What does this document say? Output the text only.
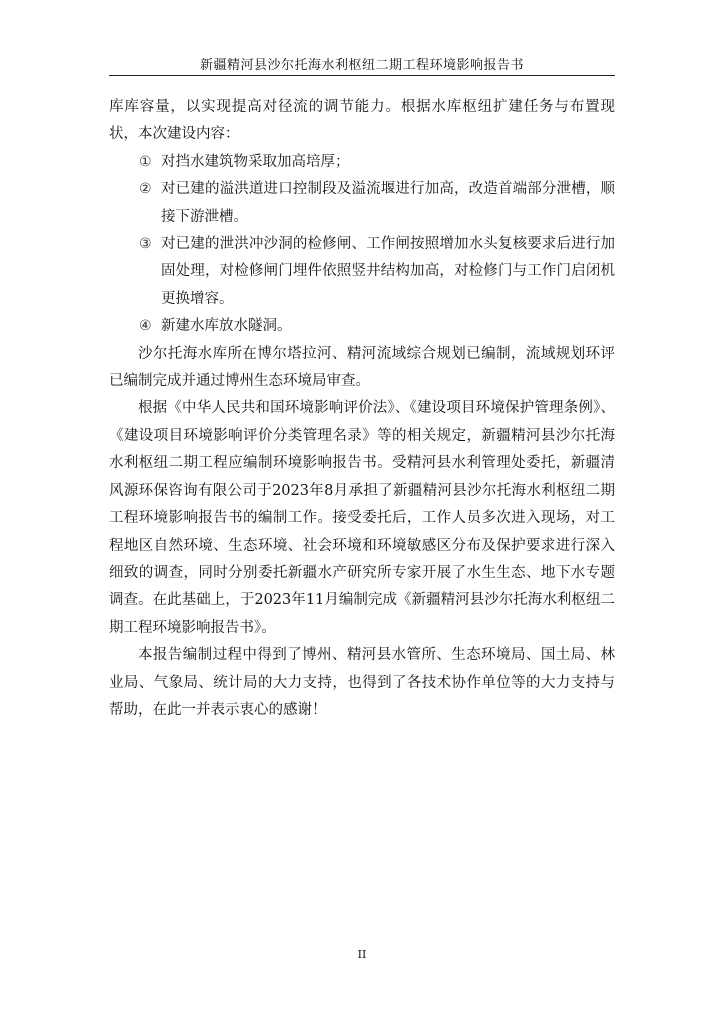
新疆精河县沙尔托海水利枢纽二期工程环境影响报告书

库库容量，以实现提高对径流的调节能力。根据水库枢纽扩建任务与布置现状，本次建设内容：

① 对挡水建筑物采取加高培厚；
② 对已建的溢洪道进口控制段及溢流堰进行加高，改造首端部分泄槽，顺接下游泄槽。
③ 对已建的泄洪冲沙洞的检修闸、工作闸按照增加水头复核要求后进行加固处理，对检修闸门埋件依照竖井结构加高，对检修门与工作门启闭机更换增容。
④ 新建水库放水隧洞。

沙尔托海水库所在博尔塔拉河、精河流域综合规划已编制，流域规划环评已编制完成并通过博州生态环境局审查。

根据《中华人民共和国环境影响评价法》、《建设项目环境保护管理条例》、《建设项目环境影响评价分类管理名录》等的相关规定，新疆精河县沙尔托海水利枢纽二期工程应编制环境影响报告书。受精河县水利管理处委托，新疆清风源环保咨询有限公司于2023年8月承担了新疆精河县沙尔托海水利枢纽二期工程环境影响报告书的编制工作。接受委托后，工作人员多次进入现场，对工程地区自然环境、生态环境、社会环境和环境敏感区分布及保护要求进行深入细致的调查，同时分别委托新疆水产研究所专家开展了水生生态、地下水专题调查。在此基础上，于2023年11月编制完成《新疆精河县沙尔托海水利枢纽二期工程环境影响报告书》。

本报告编制过程中得到了博州、精河县水管所、生态环境局、国土局、林业局、气象局、统计局的大力支持，也得到了各技术协作单位等的大力支持与帮助，在此一并表示衷心的感谢！

II
